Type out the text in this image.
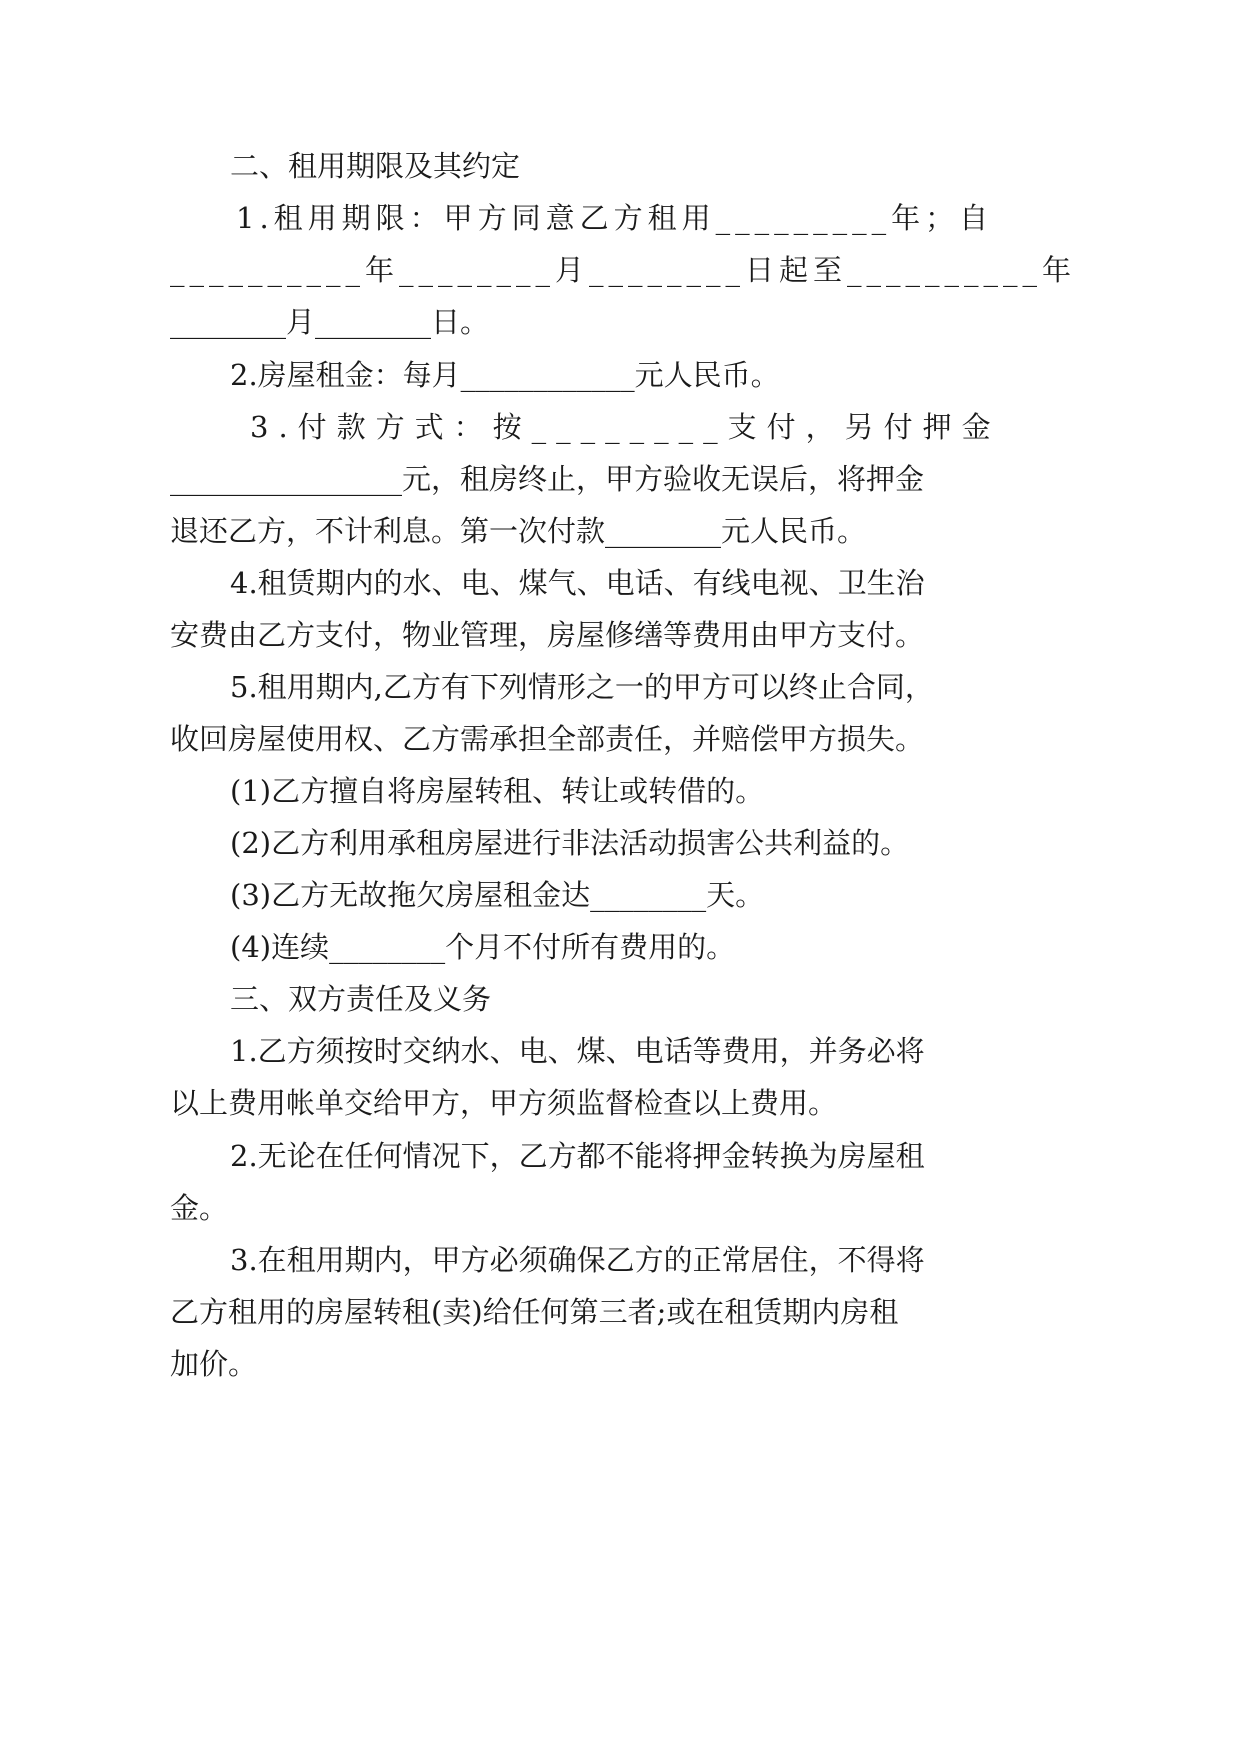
二、租用期限及其约定
1.租用期限：甲方同意乙方租用_________年；自
__________年________月________日起至__________年
________月________日。
2.房屋租金：每月____________元人民币。
3.付款方式：按________支付，另付押金
________________元，租房终止，甲方验收无误后，将押金
退还乙方，不计利息。第一次付款________元人民币。
4.租赁期内的水、电、煤气、电话、有线电视、卫生治
安费由乙方支付，物业管理，房屋修缮等费用由甲方支付。
5.租用期内,乙方有下列情形之一的甲方可以终止合同，
收回房屋使用权、乙方需承担全部责任，并赔偿甲方损失。
(1)乙方擅自将房屋转租、转让或转借的。
(2)乙方利用承租房屋进行非法活动损害公共利益的。
(3)乙方无故拖欠房屋租金达________天。
(4)连续________个月不付所有费用的。
三、双方责任及义务
1.乙方须按时交纳水、电、煤、电话等费用，并务必将
以上费用帐单交给甲方，甲方须监督检查以上费用。
2.无论在任何情况下，乙方都不能将押金转换为房屋租
金。
3.在租用期内，甲方必须确保乙方的正常居住，不得将
乙方租用的房屋转租(卖)给任何第三者;或在租赁期内房租
加价。
